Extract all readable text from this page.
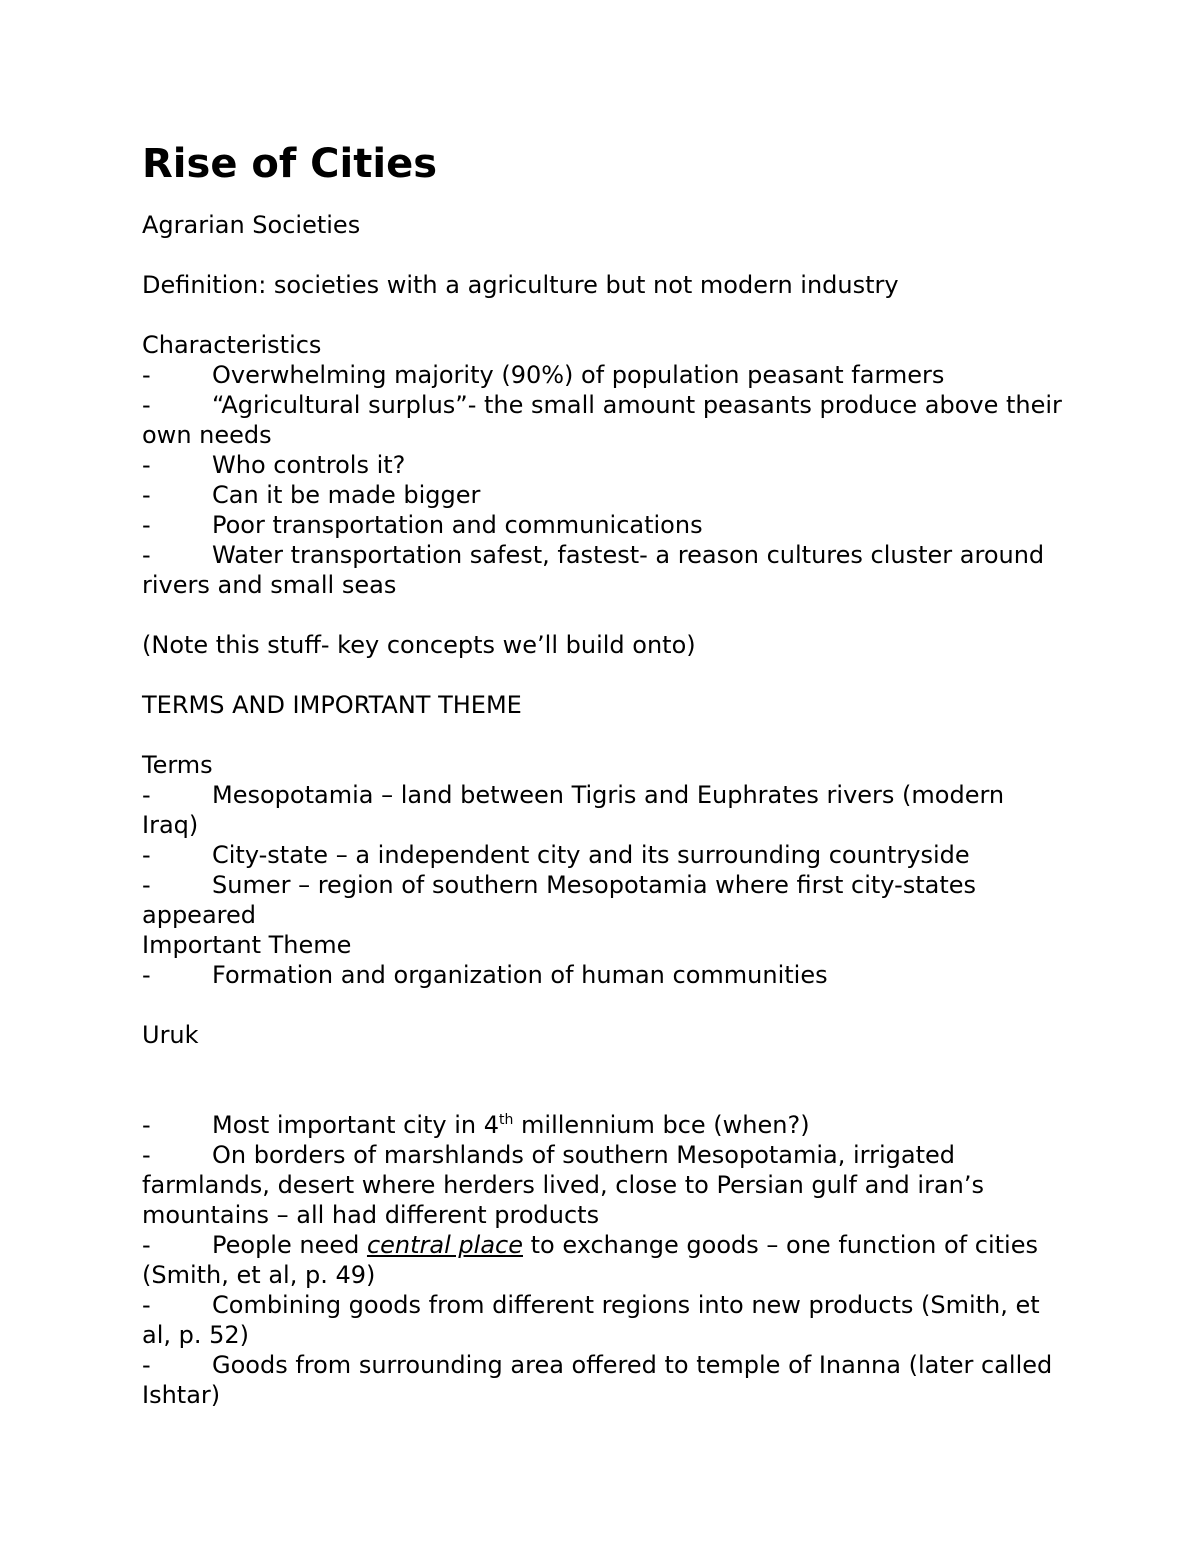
Rise of Cities

Agrarian Societies

Definition: societies with a agriculture but not modern industry

Characteristics

-	Overwhelming majority (90%) of population peasant farmers

-	“Agricultural surplus”- the small amount peasants produce above their own needs

-	Who controls it?

-	Can it be made bigger

-	Poor transportation and communications

-	Water transportation safest, fastest- a reason cultures cluster around rivers and small seas

(Note this stuff- key concepts we’ll build onto)

TERMS AND IMPORTANT THEME

Terms

-	Mesopotamia – land between Tigris and Euphrates rivers (modern Iraq)

-	City-state – a independent city and its surrounding countryside

-	Sumer – region of southern Mesopotamia where first city-states appeared

Important Theme

-	Formation and organization of human communities

Uruk

-	Most important city in 4th millennium bce (when?)

-	On borders of marshlands of southern Mesopotamia, irrigated farmlands, desert where herders lived, close to Persian gulf and iran’s mountains – all had different products

-	People need central place to exchange goods – one function of cities (Smith, et al, p. 49)

-	Combining goods from different regions into new products (Smith, et al, p. 52)

-	Goods from surrounding area offered to temple of Inanna (later called Ishtar)
